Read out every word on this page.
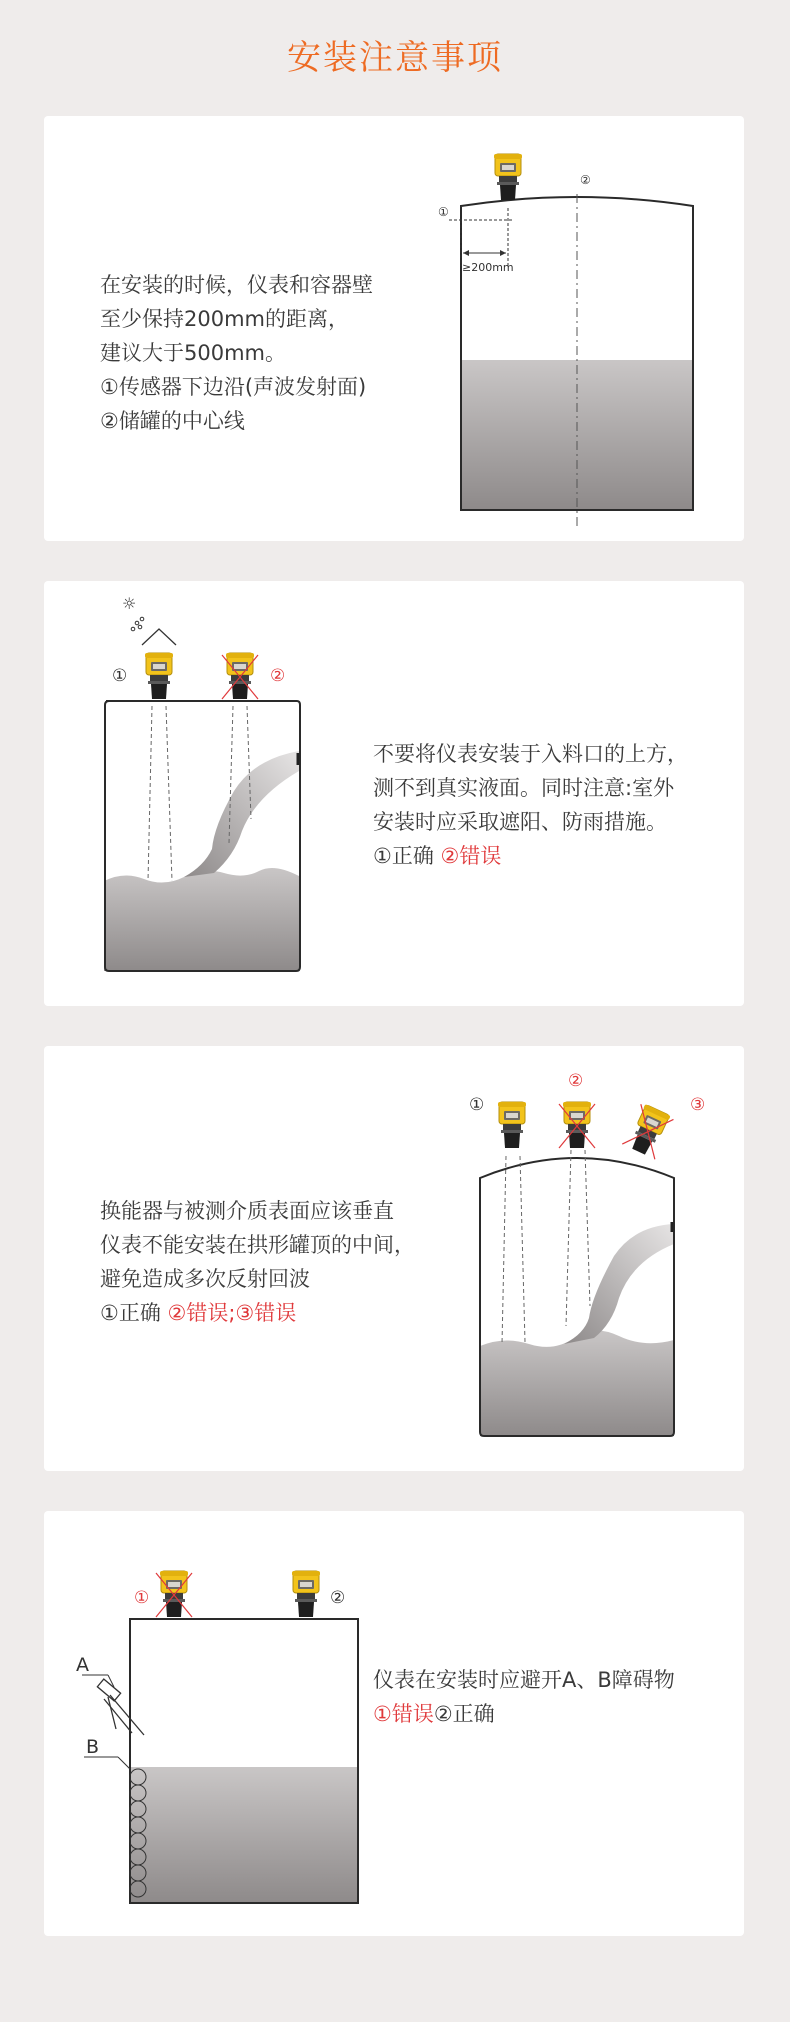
安装注意事项
在安装的时候，仪表和容器壁
至少保持200mm的距离，
建议大于500mm。
①传感器下边沿(声波发射面)
②储罐的中心线
①
②
≥200mm
☼
①	②
不要将仪表安装于入料口的上方，
测不到真实液面。同时注意:室外
安装时应采取遮阳、防雨措施。
①正确 ②错误
换能器与被测介质表面应该垂直
仪表不能安装在拱形罐顶的中间，
避免造成多次反射回波
①正确 ②错误;③错误
①
②
③
A
B
①	②
仪表在安装时应避开A、B障碍物
①错误②正确
